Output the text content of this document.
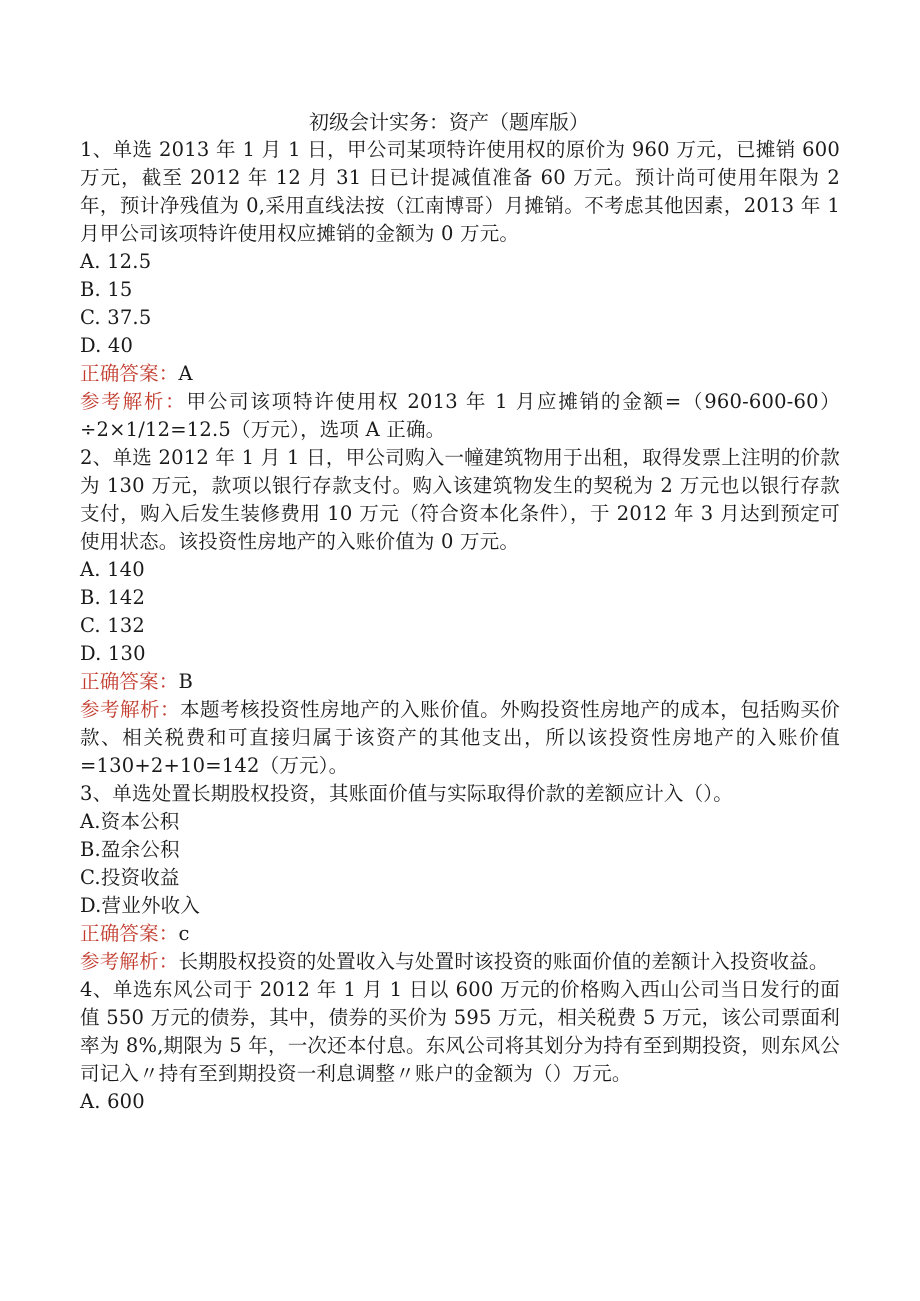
初级会计实务：资产（题库版）

1、单选 2013 年 1 月 1 日，甲公司某项特许使用权的原价为 960 万元，已摊销 600 万元，截至 2012 年 12 月 31 日已计提减值准备 60 万元。预计尚可使用年限为 2 年，预计净残值为 0,采用直线法按（江南博哥）月摊销。不考虑其他因素，2013 年 1 月甲公司该项特许使用权应摊销的金额为 0 万元。

A. 12.5

B. 15

C. 37.5

D. 40

正确答案：A

参考解析：甲公司该项特许使用权 2013 年 1 月应摊销的金额=（960-600-60）÷2×1/12=12.5（万元），选项 A 正确。

2、单选 2012 年 1 月 1 日，甲公司购入一幢建筑物用于出租，取得发票上注明的价款为 130 万元，款项以银行存款支付。购入该建筑物发生的契税为 2 万元也以银行存款支付，购入后发生装修费用 10 万元（符合资本化条件），于 2012 年 3 月达到预定可使用状态。该投资性房地产的入账价值为 0 万元。

A. 140

B. 142

C. 132

D. 130

正确答案：B

参考解析：本题考核投资性房地产的入账价值。外购投资性房地产的成本，包括购买价款、相关税费和可直接归属于该资产的其他支出，所以该投资性房地产的入账价值=130+2+10=142（万元）。

3、单选处置长期股权投资，其账面价值与实际取得价款的差额应计入（）。

A.资本公积

B.盈余公积

C.投资收益

D.营业外收入

正确答案：c

参考解析：长期股权投资的处置收入与处置时该投资的账面价值的差额计入投资收益。

4、单选东风公司于 2012 年 1 月 1 日以 600 万元的价格购入西山公司当日发行的面值 550 万元的债券，其中，债券的买价为 595 万元，相关税费 5 万元，该公司票面利率为 8%,期限为 5 年，一次还本付息。东风公司将其划分为持有至到期投资，则东风公司记入〃持有至到期投资一利息调整〃账户的金额为（）万元。

A. 600
